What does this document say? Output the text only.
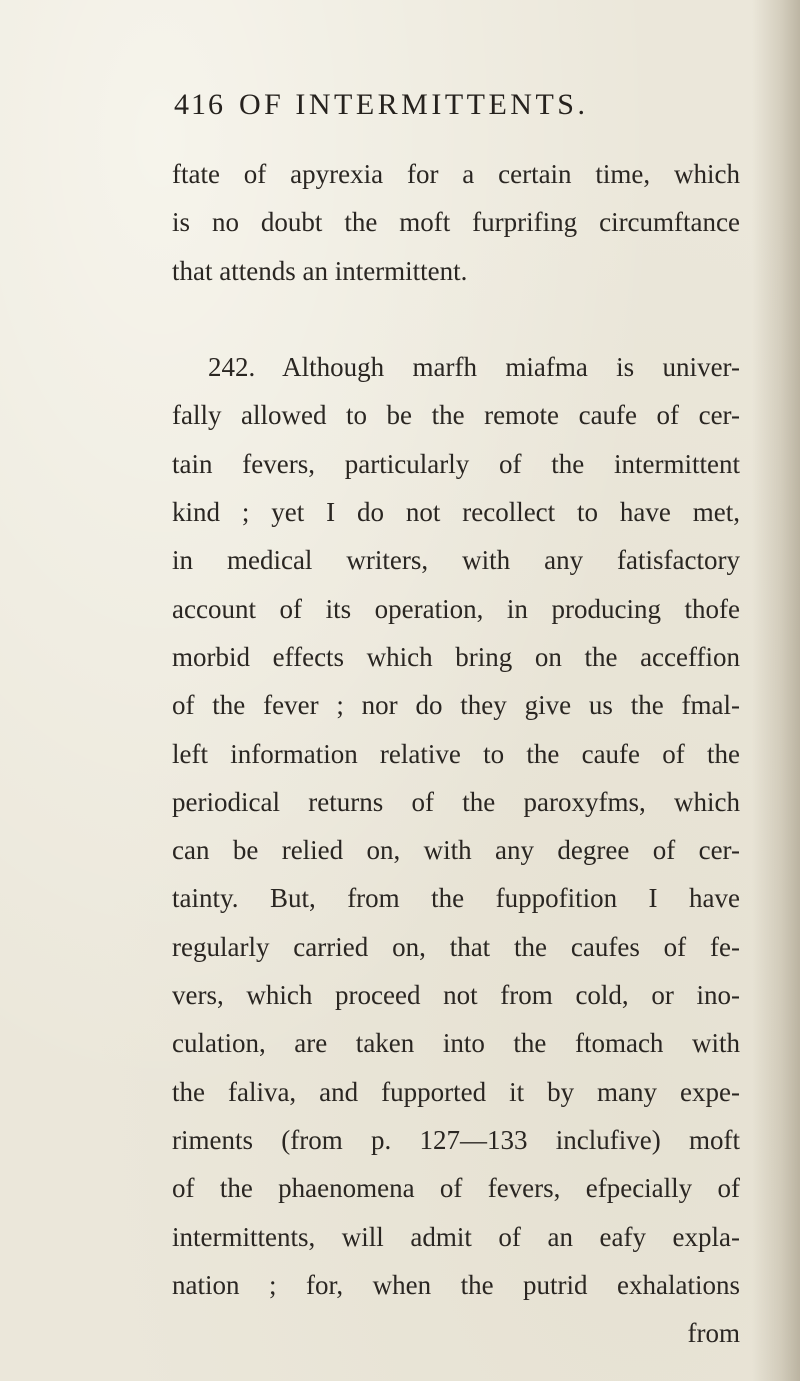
416 OF INTERMITTENTS.
ftate of apyrexia for a certain time, which
is no doubt the moft furprifing circumftance
that attends an intermittent.
242. Although marfh miafma is univer-
fally allowed to be the remote caufe of cer-
tain fevers, particularly of the intermittent
kind ; yet I do not recollect to have met,
in medical writers, with any fatisfactory
account of its operation, in producing thofe
morbid effects which bring on the acceffion
of the fever ; nor do they give us the fmal-
left information relative to the caufe of the
periodical returns of the paroxyfms, which
can be relied on, with any degree of cer-
tainty. But, from the fuppofition I have
regularly carried on, that the caufes of fe-
vers, which proceed not from cold, or ino-
culation, are taken into the ftomach with
the faliva, and fupported it by many expe-
riments (from p. 127—133 inclufive) moft
of the phaenomena of fevers, efpecially of
intermittents, will admit of an eafy expla-
nation ; for, when the putrid exhalations
from
